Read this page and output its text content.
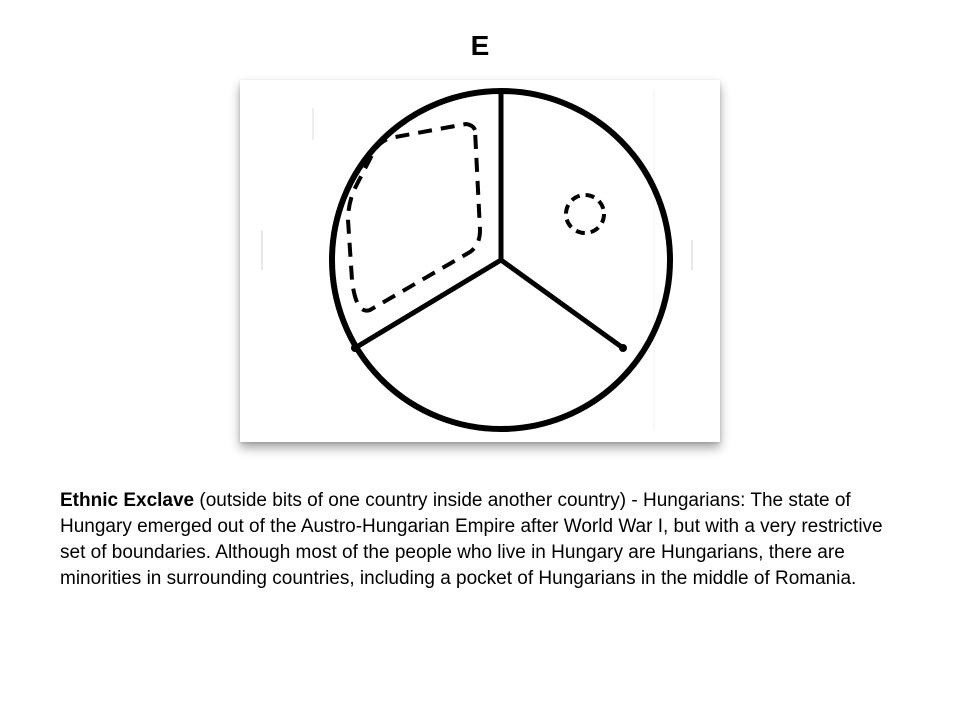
E
Ethnic Exclave (outside bits of one country inside another country) - Hungarians: The state of Hungary emerged out of the Austro-Hungarian Empire after World War I, but with a very restrictive set of boundaries. Although most of the people who live in Hungary are Hungarians, there are minorities in surrounding countries, including a pocket of Hungarians in the middle of Romania.
